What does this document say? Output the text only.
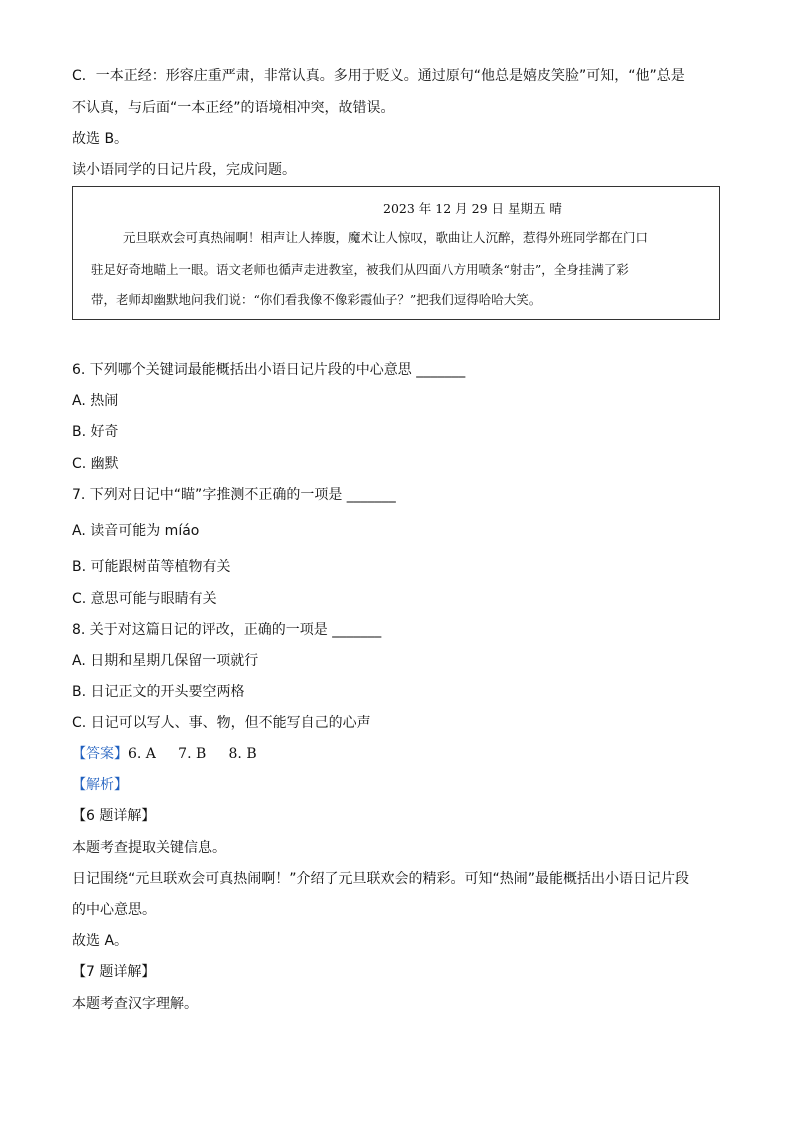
C．一本正经：形容庄重严肃，非常认真。多用于贬义。通过原句“他总是嬉皮笑脸”可知，“他”总是
不认真，与后面“一本正经”的语境相冲突，故错误。
故选 B。
读小语同学的日记片段，完成问题。
2023 年 12 月 29 日 星期五 晴
元旦联欢会可真热闹啊！相声让人捧腹，魔术让人惊叹，歌曲让人沉醉，惹得外班同学都在门口
驻足好奇地瞄上一眼。语文老师也循声走进教室，被我们从四面八方用喷条“射击”，全身挂满了彩
带，老师却幽默地问我们说：“你们看我像不像彩霞仙子？”把我们逗得哈哈大笑。
6. 下列哪个关键词最能概括出小语日记片段的中心意思 _______
A. 热闹
B. 好奇
C. 幽默
7. 下列对日记中“瞄”字推测不正确的一项是 _______
A. 读音可能为 míáo
B. 可能跟树苗等植物有关
C. 意思可能与眼睛有关
8. 关于对这篇日记的评改，正确的一项是 _______
A. 日期和星期几保留一项就行
B. 日记正文的开头要空两格
C. 日记可以写人、事、物，但不能写自己的心声
【答案】6. A     7. B     8. B
【解析】
【6 题详解】
本题考查提取关键信息。
日记围绕“元旦联欢会可真热闹啊！”介绍了元旦联欢会的精彩。可知“热闹”最能概括出小语日记片段
的中心意思。
故选 A。
【7 题详解】
本题考查汉字理解。
